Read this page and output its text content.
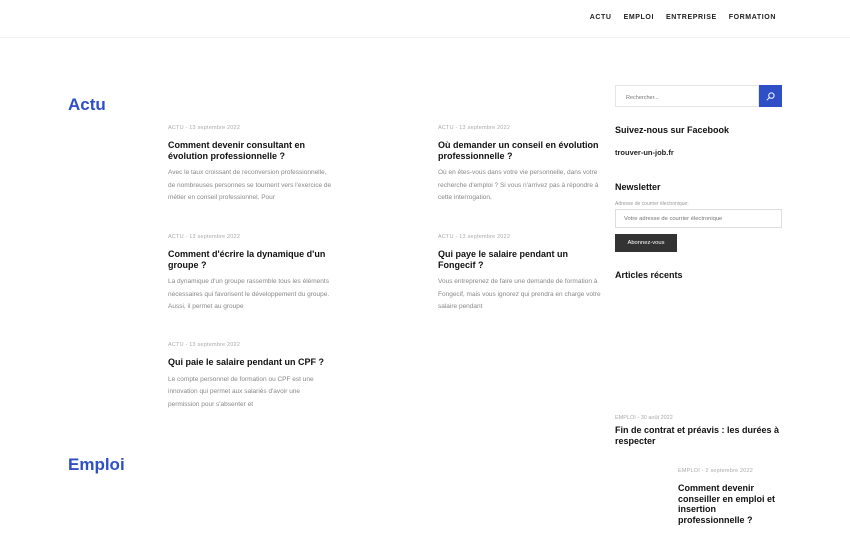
ACTU EMPLOI ENTREPRISE FORMATION
Actu
ACTU - 13 septembre 2022
Comment devenir consultant en évolution professionnelle ?
Avec le taux croissant de reconversion professionnelle, de nombreuses personnes se tournent vers l'exercice de métier en conseil professionnel. Pour
ACTU - 13 septembre 2022
Où demander un conseil en évolution professionnelle ?
Où en êtes-vous dans votre vie personnelle, dans votre recherche d'emploi ? Si vous n'arrivez pas à répondre à cette interrogation,
ACTU - 13 septembre 2022
Comment d'écrire la dynamique d'un groupe ?
La dynamique d'un groupe rassemble tous les éléments nécessaires qui favorisent le développement du groupe. Aussi, il permet au groupe
ACTU - 13 septembre 2022
Qui paye le salaire pendant un Fongecif ?
Vous entreprenez de faire une demande de formation à Fongecif, mais vous ignorez qui prendra en charge votre salaire pendant
ACTU - 13 septembre 2022
Qui paie le salaire pendant un CPF ?
Le compte personnel de formation ou CPF est une innovation qui permet aux salariés d'avoir une permission pour s'absenter et
Emploi	EMPLOI - 2 septembre 2022
Comment devenir conseiller en emploi et insertion professionnelle ?
Rechercher...
Suivez-nous sur Facebook
trouver-un-job.fr
Newsletter
Adresse de courrier électronique:
Votre adresse de courrier électronique
Abonnez-vous
Articles récents
EMPLOI - 30 août 2022
Fin de contrat et préavis : les durées à respecter
